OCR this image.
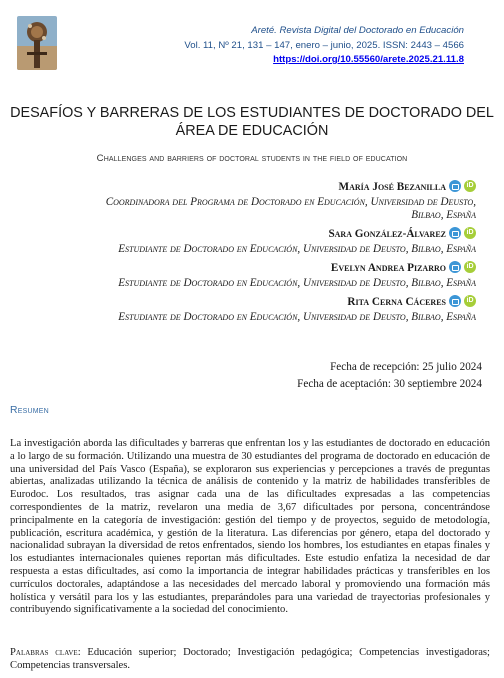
Areté. Revista Digital del Doctorado en Educación
Vol. 11, Nº 21, 131 – 147, enero – junio, 2025. ISSN: 2443 – 4566
https://doi.org/10.55560/arete.2025.21.11.8
DESAFÍOS Y BARRERAS DE LOS ESTUDIANTES DE DOCTORADO DEL
ÁREA DE EDUCACIÓN
Challenges and barriers of doctoral students in the field of education
María José Bezanilla	iD
Coordinadora del Programa de Doctorado en Educación, Universidad de Deusto,
Bilbao, España
Sara González-Álvarez	iD
Estudiante de Doctorado en Educación, Universidad de Deusto, Bilbao, España
Evelyn Andrea Pizarro	iD
Estudiante de Doctorado en Educación, Universidad de Deusto, Bilbao, España
Rita Cerna Cáceres	iD
Estudiante de Doctorado en Educación, Universidad de Deusto, Bilbao, España
Fecha de recepción: 25 julio 2024
Fecha de aceptación: 30 septiembre 2024
Resumen
La investigación aborda las dificultades y barreras que enfrentan los y las estudiantes de doctorado en educación a lo largo de su formación. Utilizando una muestra de 30 estudiantes del programa de doctorado en educación de una universidad del País Vasco (España), se exploraron sus experiencias y percepciones a través de preguntas abiertas, analizadas utilizando la técnica de análisis de contenido y la matriz de habilidades transferibles de Eurodoc. Los resultados, tras asignar cada una de las dificultades expresadas a las competencias correspondientes de la matriz, revelaron una media de 3,67 dificultades por persona, concentrándose principalmente en la categoría de investigación: gestión del tiempo y de proyectos, seguido de metodología, publicación, escritura académica, y gestión de la literatura. Las diferencias por género, etapa del doctorado y nacionalidad subrayan la diversidad de retos enfrentados, siendo los hombres, los estudiantes en etapas finales y los estudiantes internacionales quienes reportan más dificultades. Este estudio enfatiza la necesidad de dar respuesta a estas dificultades, así como la importancia de integrar habilidades prácticas y transferibles en los currículos doctorales, adaptándose a las necesidades del mercado laboral y promoviendo una formación más holística y versátil para los y las estudiantes, preparándoles para una variedad de trayectorias profesionales y contribuyendo significativamente a la sociedad del conocimiento.
Palabras clave: Educación superior; Doctorado; Investigación pedagógica; Competencias investigadoras; Competencias transversales.
